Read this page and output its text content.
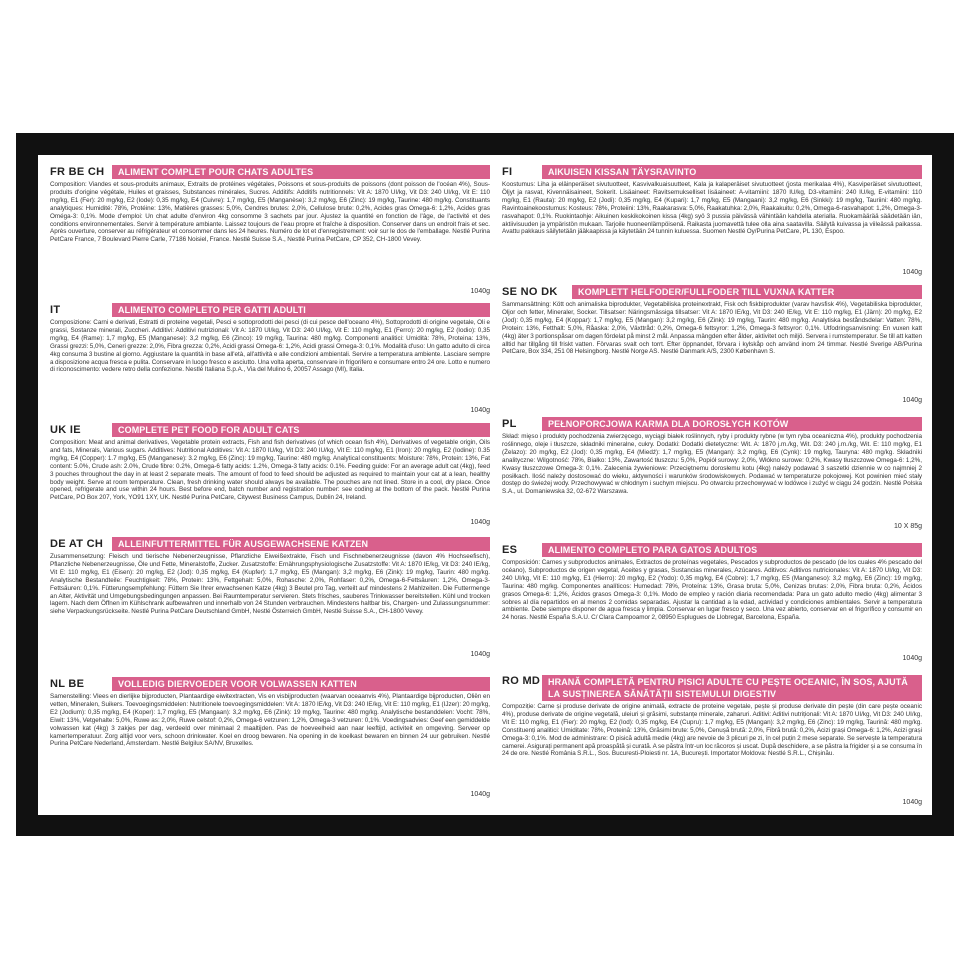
FR BE CH	ALIMENT COMPLET POUR CHATS ADULTES
Composition: Viandes et sous-produits animaux, Extraits de protéines végétales, Poissons et sous-produits de poissons (dont poisson de l'océan 4%), Sous-produits d'origine végétale, Huiles et graisses, Substances minérales, Sucres. Additifs: Additifs nutritionnels: Vit A: 1870 UI/kg, Vit D3: 240 UI/kg, Vit E: 110 mg/kg, E1 (Fer): 20 mg/kg, E2 (Iode): 0,35 mg/kg, E4 (Cuivre): 1,7 mg/kg, E5 (Manganèse): 3,2 mg/kg, E6 (Zinc): 19 mg/kg, Taurine: 480 mg/kg. Constituants analytiques: Humidité: 78%, Protéine: 13%, Matières grasses: 5,0%, Cendres brutes: 2,0%, Cellulose brute: 0,2%, Acides gras Omega-6: 1,2%, Acides gras Oméga-3: 0,1%. Mode d'emploi: Un chat adulte d'environ 4kg consomme 3 sachets par jour. Ajustez la quantité en fonction de l'âge, de l'activité et des conditions environnementales. Servir à température ambiante. Laissez toujours de l'eau propre et fraîche à disposition. Conserver dans un endroit frais et sec. Après ouverture, conserver au réfrigérateur et consommer dans les 24 heures. Numéro de lot et d'enregistrement: voir sur le dos de l'emballage. Nestlé Purina PetCare France, 7 Boulevard Pierre Carle, 77186 Noisiel, France. Nestlé Suisse S.A., Nestlé Purina PetCare, CP 352, CH-1800 Vevey.
1040g
IT	ALIMENTO COMPLETO PER GATTI ADULTI
Composizione: Carni e derivati, Estratti di proteine vegetali, Pesci e sottoprodotti dei pesci (di cui pesce dell'oceano 4%), Sottoprodotti di origine vegetale, Oli e grassi, Sostanze minerali, Zuccheri. Additivi: Additivi nutrizionali: Vit A: 1870 UI/kg, Vit D3: 240 UI/kg, Vit E: 110 mg/kg, E1 (Ferro): 20 mg/kg, E2 (Iodio): 0,35 mg/kg, E4 (Rame): 1,7 mg/kg, E5 (Manganese): 3,2 mg/kg, E6 (Zinco): 19 mg/kg, Taurina: 480 mg/kg. Componenti analitici: Umidità: 78%, Proteina: 13%, Grassi grezzi: 5,0%, Ceneri grezze: 2,0%, Fibra grezza: 0,2%, Acidi grassi Omega-6: 1,2%, Acidi grassi Omega-3: 0,1%. Modalità d'uso: Un gatto adulto di circa 4kg consuma 3 bustine al giorno. Aggiustare la quantità in base all'età, all'attività e alle condizioni ambientali. Servire a temperatura ambiente. Lasciare sempre a disposizione acqua fresca e pulita. Conservare in luogo fresco e asciutto. Una volta aperta, conservare in frigorifero e consumare entro 24 ore. Lotto e numero di riconoscimento: vedere retro della confezione. Nestlé Italiana S.p.A., Via del Mulino 6, 20057 Assago (MI), Italia.
1040g
UK IE	COMPLETE PET FOOD FOR ADULT CATS
Composition: Meat and animal derivatives, Vegetable protein extracts, Fish and fish derivatives (of which ocean fish 4%), Derivatives of vegetable origin, Oils and fats, Minerals, Various sugars. Additives: Nutritional Additives: Vit A: 1870 IU/kg, Vit D3: 240 IU/kg, Vit E: 110 mg/kg, E1 (Iron): 20 mg/kg, E2 (Iodine): 0.35 mg/kg, E4 (Copper): 1.7 mg/kg, E5 (Manganese): 3.2 mg/kg, E6 (Zinc): 19 mg/kg, Taurine: 480 mg/kg. Analytical constituents: Moisture: 78%, Protein: 13%, Fat content: 5.0%, Crude ash: 2.0%, Crude fibre: 0.2%, Omega-6 fatty acids: 1.2%, Omega-3 fatty acids: 0.1%. Feeding guide: For an average adult cat (4kg), feed 3 pouches throughout the day in at least 2 separate meals. The amount of food to feed should be adjusted as required to maintain your cat at a lean, healthy body weight. Serve at room temperature. Clean, fresh drinking water should always be available. The pouches are not lined. Store in a cool, dry place. Once opened, refrigerate and use within 24 hours. Best before end, batch number and registration number: see coding at the bottom of the pack. Nestlé Purina PetCare, PO Box 207, York, YO91 1XY, UK. Nestlé Purina PetCare, Citywest Business Campus, Dublin 24, Ireland.
1040g
DE AT CH	ALLEINFUTTERMITTEL FÜR AUSGEWACHSENE KATZEN
Zusammensetzung: Fleisch und tierische Nebenerzeugnisse, Pflanzliche Eiweißextrakte, Fisch und Fischnebenerzeugnisse (davon 4% Hochseefisch), Pflanzliche Nebenerzeugnisse, Öle und Fette, Mineralstoffe, Zucker. Zusatzstoffe: Ernährungsphysiologische Zusatzstoffe: Vit A: 1870 IE/kg, Vit D3: 240 IE/kg, Vit E: 110 mg/kg, E1 (Eisen): 20 mg/kg, E2 (Jod): 0,35 mg/kg, E4 (Kupfer): 1,7 mg/kg, E5 (Mangan): 3,2 mg/kg, E6 (Zink): 19 mg/kg, Taurin: 480 mg/kg. Analytische Bestandteile: Feuchtigkeit: 78%, Protein: 13%, Fettgehalt: 5,0%, Rohasche: 2,0%, Rohfaser: 0,2%, Omega-6-Fettsäuren: 1,2%, Omega-3-Fettsäuren: 0,1%. Fütterungsempfehlung: Füttern Sie Ihrer erwachsenen Katze (4kg) 3 Beutel pro Tag, verteilt auf mindestens 2 Mahlzeiten. Die Futtermenge an Alter, Aktivität und Umgebungsbedingungen anpassen. Bei Raumtemperatur servieren. Stets frisches, sauberes Trinkwasser bereitstellen. Kühl und trocken lagern. Nach dem Öffnen im Kühlschrank aufbewahren und innerhalb von 24 Stunden verbrauchen. Mindestens haltbar bis, Chargen- und Zulassungsnummer: siehe Verpackungsrückseite. Nestlé Purina PetCare Deutschland GmbH, Nestlé Österreich GmbH, Nestlé Suisse S.A., CH-1800 Vevey.
1040g
NL BE	VOLLEDIG DIERVOEDER VOOR VOLWASSEN KATTEN
Samenstelling: Vlees en dierlijke bijproducten, Plantaardige eiwitextracten, Vis en visbijproducten (waarvan oceaanvis 4%), Plantaardige bijproducten, Oliën en vetten, Mineralen, Suikers. Toevoegingsmiddelen: Nutritionele toevoegingsmiddelen: Vit A: 1870 IE/kg, Vit D3: 240 IE/kg, Vit E: 110 mg/kg, E1 (IJzer): 20 mg/kg, E2 (Jodium): 0,35 mg/kg, E4 (Koper): 1,7 mg/kg, E5 (Mangaan): 3,2 mg/kg, E6 (Zink): 19 mg/kg, Taurine: 480 mg/kg. Analytische bestanddelen: Vocht: 78%, Eiwit: 13%, Vetgehalte: 5,0%, Ruwe as: 2,0%, Ruwe celstof: 0,2%, Omega-6 vetzuren: 1,2%, Omega-3 vetzuren: 0,1%. Voedingsadvies: Geef een gemiddelde volwassen kat (4kg) 3 zakjes per dag, verdeeld over minimaal 2 maaltijden. Pas de hoeveelheid aan naar leeftijd, activiteit en omgeving. Serveer op kamertemperatuur. Zorg altijd voor vers, schoon drinkwater. Koel en droog bewaren. Na opening in de koelkast bewaren en binnen 24 uur gebruiken. Nestlé Purina PetCare Nederland, Amsterdam. Nestlé Belgilux SA/NV, Bruxelles.
1040g
FI	AIKUISEN KISSAN TÄYSRAVINTO
Koostumus: Liha ja eläinperäiset sivutuotteet, Kasvivalkuaisuutteet, Kala ja kalaperäiset sivutuotteet (josta merikalaa 4%), Kasviperäiset sivutuotteet, Öljyt ja rasvat, Kivennäisaineet, Sokerit. Lisäaineet: Ravitsemukselliset lisäaineet: A-vitamiini: 1870 IU/kg, D3-vitamiini: 240 IU/kg, E-vitamiini: 110 mg/kg, E1 (Rauta): 20 mg/kg, E2 (Jodi): 0,35 mg/kg, E4 (Kupari): 1,7 mg/kg, E5 (Mangaani): 3,2 mg/kg, E6 (Sinkki): 19 mg/kg, Tauriini: 480 mg/kg. Ravintoainekoostumus: Kosteus: 78%, Proteiini: 13%, Raakarasva: 5,0%, Raakatuhka: 2,0%, Raakakuitu: 0,2%, Omega-6-rasvahapot: 1,2%, Omega-3-rasvahapot: 0,1%. Ruokintaohje: Aikuinen keskikokoinen kissa (4kg) syö 3 pussia päivässä vähintään kahdella aterialla. Ruokamäärää säädetään iän, aktiivisuuden ja ympäristön mukaan. Tarjoile huoneenlämpöisenä. Raikasta juomavettä tulee olla aina saatavilla. Säilytä kuivassa ja viileässä paikassa. Avattu pakkaus säilytetään jääkaapissa ja käytetään 24 tunnin kuluessa. Suomen Nestlé Oy/Purina PetCare, PL 130, Espoo.
1040g
SE NO DK	KOMPLETT HELFODER/FULLFODER TILL VUXNA KATTER
Sammansättning: Kött och animaliska biprodukter, Vegetabiliska proteinextrakt, Fisk och fiskbiprodukter (varav havsfisk 4%), Vegetabiliska biprodukter, Oljor och fetter, Mineraler, Socker. Tillsatser: Näringsmässiga tillsatser: Vit A: 1870 IE/kg, Vit D3: 240 IE/kg, Vit E: 110 mg/kg, E1 (Järn): 20 mg/kg, E2 (Jod): 0,35 mg/kg, E4 (Koppar): 1,7 mg/kg, E5 (Mangan): 3,2 mg/kg, E6 (Zink): 19 mg/kg, Taurin: 480 mg/kg. Analytiska beståndsdelar: Vatten: 78%, Protein: 13%, Fetthalt: 5,0%, Råaska: 2,0%, Växttråd: 0,2%, Omega-6 fettsyror: 1,2%, Omega-3 fettsyror: 0,1%. Utfodringsanvisning: En vuxen katt (4kg) äter 3 portionspåsar om dagen fördelat på minst 2 mål. Anpassa mängden efter ålder, aktivitet och miljö. Servera i rumstemperatur. Se till att katten alltid har tillgång till friskt vatten. Förvaras svalt och torrt. Efter öppnandet, förvara i kylskåp och använd inom 24 timmar. Nestlé Sverige AB/Purina PetCare, Box 334, 251 08 Helsingborg. Nestlé Norge AS. Nestlé Danmark A/S, 2300 København S.
1040g
PL	PEŁNOPORCJOWA KARMA DLA DOROSŁYCH KOTÓW
Skład: mięso i produkty pochodzenia zwierzęcego, wyciągi białek roślinnych, ryby i produkty rybne (w tym ryba oceaniczna 4%), produkty pochodzenia roślinnego, oleje i tłuszcze, składniki mineralne, cukry. Dodatki: Dodatki dietetyczne: Wit. A: 1870 j.m./kg, Wit. D3: 240 j.m./kg, Wit. E: 110 mg/kg, E1 (Żelazo): 20 mg/kg, E2 (Jod): 0,35 mg/kg, E4 (Miedź): 1,7 mg/kg, E5 (Mangan): 3,2 mg/kg, E6 (Cynk): 19 mg/kg, Tauryna: 480 mg/kg. Składniki analityczne: Wilgotność: 78%, Białko: 13%, Zawartość tłuszczu: 5,0%, Popiół surowy: 2,0%, Włókno surowe: 0,2%, Kwasy tłuszczowe Omega-6: 1,2%, Kwasy tłuszczowe Omega-3: 0,1%. Zalecenia żywieniowe: Przeciętnemu dorosłemu kotu (4kg) należy podawać 3 saszetki dziennie w co najmniej 2 posiłkach. Ilość należy dostosować do wieku, aktywności i warunków środowiskowych. Podawać w temperaturze pokojowej. Kot powinien mieć stały dostęp do świeżej wody. Przechowywać w chłodnym i suchym miejscu. Po otwarciu przechowywać w lodówce i zużyć w ciągu 24 godzin. Nestlé Polska S.A., ul. Domaniewska 32, 02-672 Warszawa.
10 X 85g
ES	ALIMENTO COMPLETO PARA GATOS ADULTOS
Composición: Carnes y subproductos animales, Extractos de proteínas vegetales, Pescados y subproductos de pescado (de los cuales 4% pescado del océano), Subproductos de origen vegetal, Aceites y grasas, Sustancias minerales, Azúcares. Aditivos: Aditivos nutricionales: Vit A: 1870 UI/kg, Vit D3: 240 UI/kg, Vit E: 110 mg/kg, E1 (Hierro): 20 mg/kg, E2 (Yodo): 0,35 mg/kg, E4 (Cobre): 1,7 mg/kg, E5 (Manganeso): 3,2 mg/kg, E6 (Zinc): 19 mg/kg, Taurina: 480 mg/kg. Componentes analíticos: Humedad: 78%, Proteína: 13%, Grasa bruta: 5,0%, Cenizas brutas: 2,0%, Fibra bruta: 0,2%, Ácidos grasos Omega-6: 1,2%, Ácidos grasos Omega-3: 0,1%. Modo de empleo y ración diaria recomendada: Para un gato adulto medio (4kg) alimentar 3 sobres al día repartidos en al menos 2 comidas separadas. Ajustar la cantidad a la edad, actividad y condiciones ambientales. Servir a temperatura ambiente. Debe siempre disponer de agua fresca y limpia. Conservar en lugar fresco y seco. Una vez abierto, conservar en el frigorífico y consumir en 24 horas. Nestlé España S.A.U. C/ Clara Campoamor 2, 08950 Esplugues de Llobregat, Barcelona, España.
1040g
RO MD HRANĂ COMPLETĂ PENTRU PISICI ADULTE CU PEȘTE OCEANIC, ÎN SOS, AJUTĂ LA SUSȚINEREA SĂNĂTĂȚII SISTEMULUI DIGESTIV
Compoziție: Carne și produse derivate de origine animală, extracte de proteine vegetale, pește și produse derivate din pește (din care pește oceanic 4%), produse derivate de origine vegetală, uleiuri și grăsimi, substanțe minerale, zaharuri. Aditivi: Aditivi nutriționali: Vit A: 1870 UI/kg, Vit D3: 240 UI/kg, Vit E: 110 mg/kg, E1 (Fier): 20 mg/kg, E2 (Iod): 0,35 mg/kg, E4 (Cupru): 1,7 mg/kg, E5 (Mangan): 3,2 mg/kg, E6 (Zinc): 19 mg/kg, Taurină: 480 mg/kg. Constituenți analitici: Umiditate: 78%, Proteină: 13%, Grăsimi brute: 5,0%, Cenușă brută: 2,0%, Fibră brută: 0,2%, Acizi grași Omega-6: 1,2%, Acizi grași Omega-3: 0,1%. Mod de administrare: O pisică adultă medie (4kg) are nevoie de 3 plicuri pe zi, în cel puțin 2 mese separate. Se servește la temperatura camerei. Asigurați permanent apă proaspătă și curată. A se păstra într-un loc răcoros și uscat. După deschidere, a se păstra la frigider și a se consuma în 24 de ore. Nestlé România S.R.L., Sos. Bucuresti-Ploiesti nr. 1A, București. Importator Moldova: Nestlé S.R.L., Chișinău.
1040g
